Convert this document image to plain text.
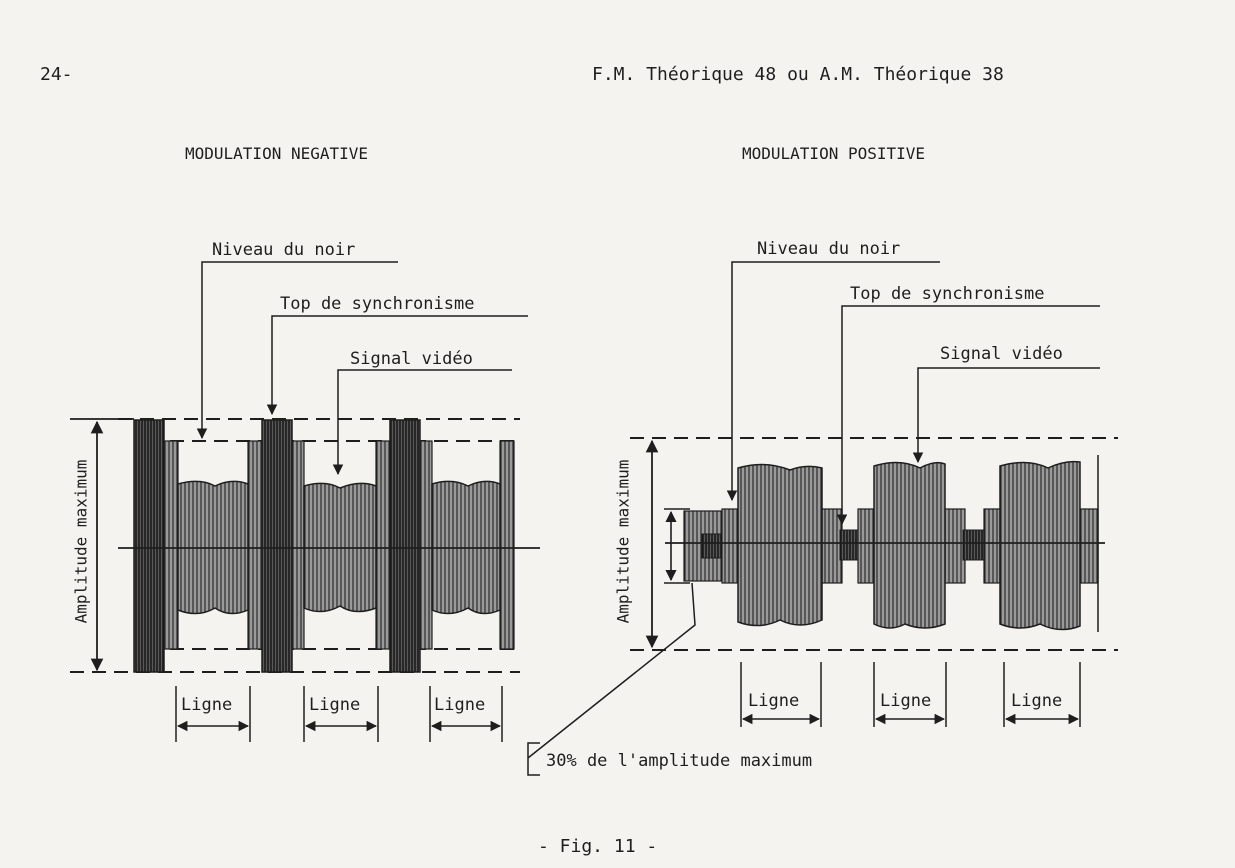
24-	F.M. Théorique 48 ou A.M. Théorique 38
MODULATION NEGATIVE	MODULATION POSITIVE
Niveau du noir
Top de synchronisme
Signal vidéo
Niveau du noir
Top de synchronisme
Signal vidéo
Amplitude maximum	Amplitude maximum
Ligne	Ligne	Ligne	Ligne	Ligne	Ligne
30% de l'amplitude maximum
- Fig. 11 -
